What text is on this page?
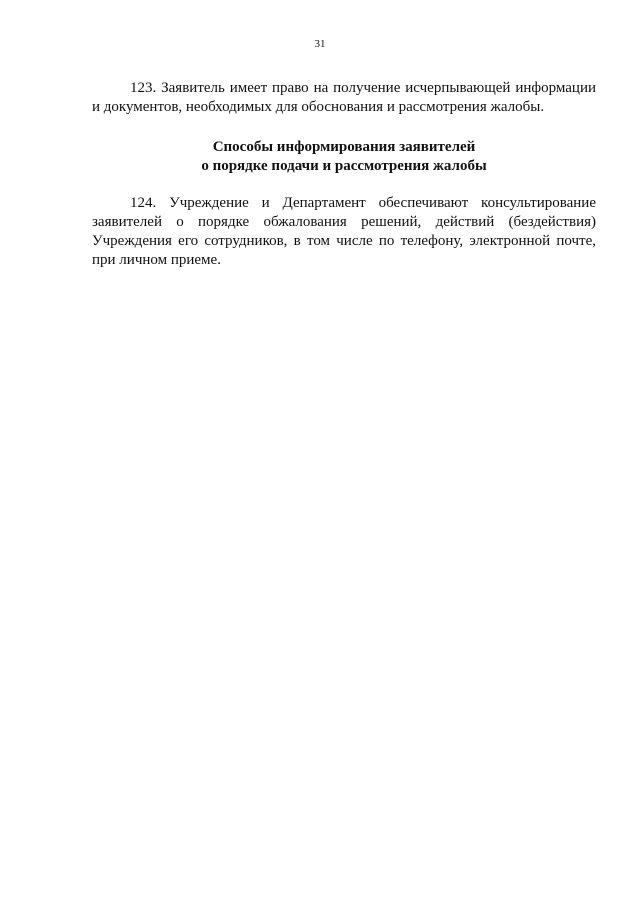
31

123. Заявитель имеет право на получение исчерпывающей информации и документов, необходимых для обоснования и рассмотрения жалобы.

Способы информирования заявителей
о порядке подачи и рассмотрения жалобы

124. Учреждение и Департамент обеспечивают консультирование заявителей о порядке обжалования решений, действий (бездействия) Учреждения его сотрудников, в том числе по телефону, электронной почте, при личном приеме.
